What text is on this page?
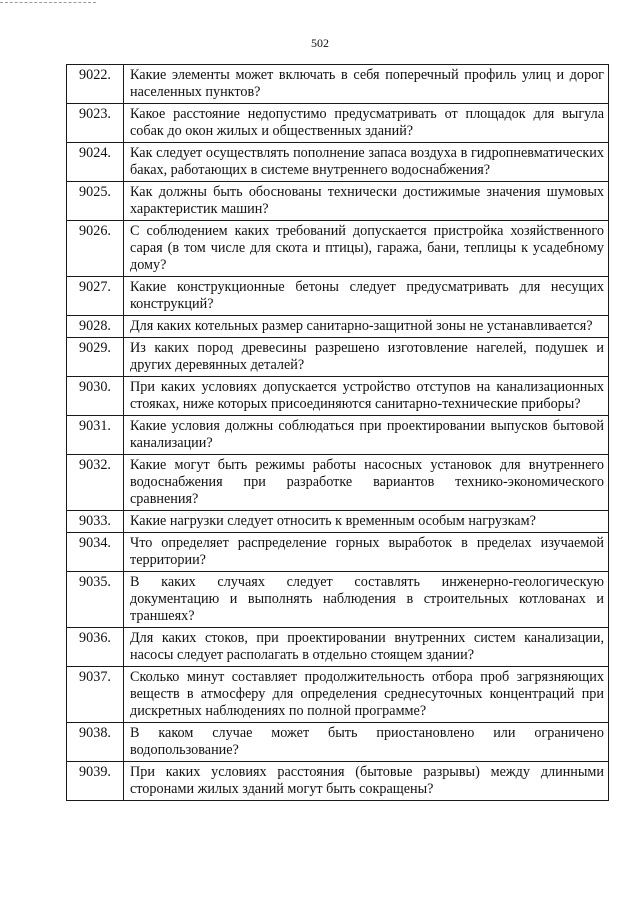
502
9022.	Какие элементы может включать в себя поперечный профиль улиц и дорог населенных пунктов?
9023.	Какое расстояние недопустимо предусматривать от площадок для выгула собак до окон жилых и общественных зданий?
9024.	Как следует осуществлять пополнение запаса воздуха в гидропневматических баках, работающих в системе внутреннего водоснабжения?
9025.	Как должны быть обоснованы технически достижимые значения шумовых характеристик машин?
9026.	С соблюдением каких требований допускается пристройка хозяйственного сарая (в том числе для скота и птицы), гаража, бани, теплицы к усадебному дому?
9027.	Какие конструкционные бетоны следует предусматривать для несущих конструкций?
9028.	Для каких котельных размер санитарно-защитной зоны не устанавливается?
9029.	Из каких пород древесины разрешено изготовление нагелей, подушек и других деревянных деталей?
9030.	При каких условиях допускается устройство отступов на канализационных стояках, ниже которых присоединяются санитарно-технические приборы?
9031.	Какие условия должны соблюдаться при проектировании выпусков бытовой канализации?
9032.	Какие могут быть режимы работы насосных установок для внутреннего водоснабжения при разработке вариантов технико-экономического сравнения?
9033.	Какие нагрузки следует относить к временным особым нагрузкам?
9034.	Что определяет распределение горных выработок в пределах изучаемой территории?
9035.	В каких случаях следует составлять инженерно-геологическую документацию и выполнять наблюдения в строительных котлованах и траншеях?
9036.	Для каких стоков, при проектировании внутренних систем канализации, насосы следует располагать в отдельно стоящем здании?
9037.	Сколько минут составляет продолжительность отбора проб загрязняющих веществ в атмосферу для определения среднесуточных концентраций при дискретных наблюдениях по полной программе?
9038.	В каком случае может быть приостановлено или ограничено водопользование?
9039.	При каких условиях расстояния (бытовые разрывы) между длинными сторонами жилых зданий могут быть сокращены?
